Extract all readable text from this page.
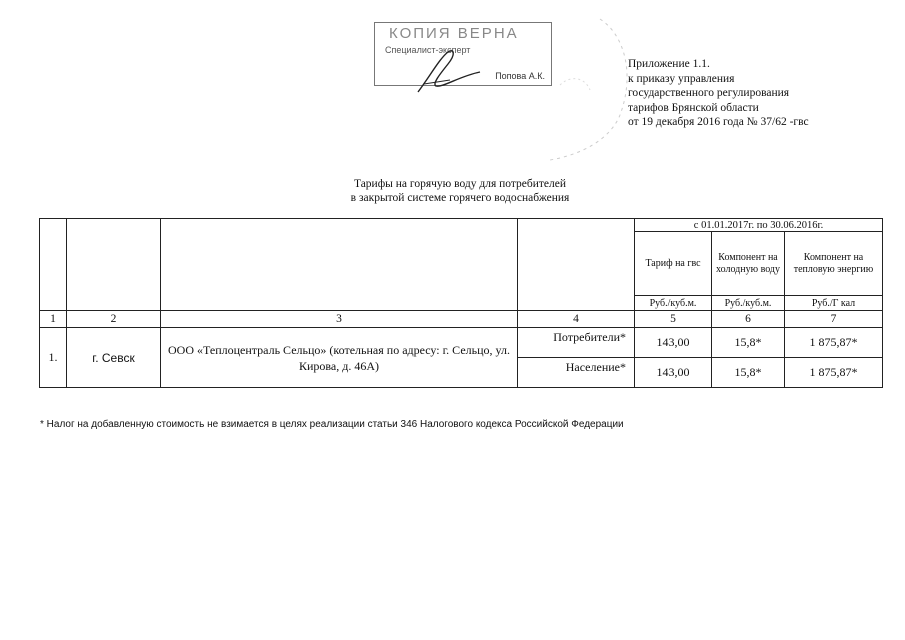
КОПИЯ ВЕРНА
Специалист-эксперт
Попова А.К.
Приложение 1.1.
к приказу управления
государственного регулирования
тарифов Брянской области
от 19 декабря 2016 года № 37/62 -гвс
Тарифы на горячую воду для потребителей
в закрытой системе горячего водоснабжения
				с 01.01.2017г. по 30.06.2016г.		
				Тариф на гвс	Компонент на холодную воду	Компонент на тепловую энергию
				Руб./куб.м.	Руб./куб.м.	Руб./Г кал
1	2	3	4	5	6	7
1.	г. Севск	ООО «Теплоцентраль Сельцо» (котельная по адресу: г. Сельцо, ул. Кирова, д. 46А)	Потребители*	143,00	15,8*	1 875,87*
			Население*	143,00	15,8*	1 875,87*
* Налог на добавленную стоимость не взимается в целях реализации статьи 346 Налогового кодекса Российской Федерации
